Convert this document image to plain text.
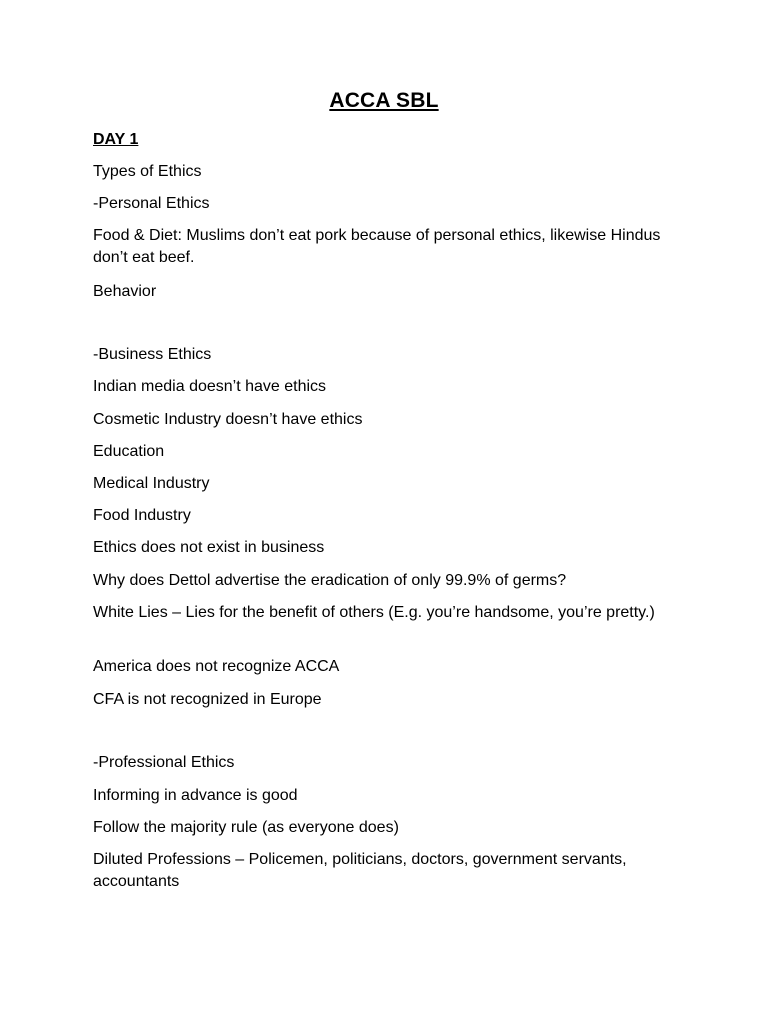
ACCA SBL
DAY 1
Types of Ethics
-Personal Ethics
Food & Diet: Muslims don’t eat pork because of personal ethics, likewise Hindus don’t eat beef.
Behavior
-Business Ethics
Indian media doesn’t have ethics
Cosmetic Industry doesn’t have ethics
Education
Medical Industry
Food Industry
Ethics does not exist in business
Why does Dettol advertise the eradication of only 99.9% of germs?
White Lies – Lies for the benefit of others (E.g. you’re handsome, you’re pretty.)
America does not recognize ACCA
CFA is not recognized in Europe
-Professional Ethics
Informing in advance is good
Follow the majority rule (as everyone does)
Diluted Professions – Policemen, politicians, doctors, government servants, accountants
